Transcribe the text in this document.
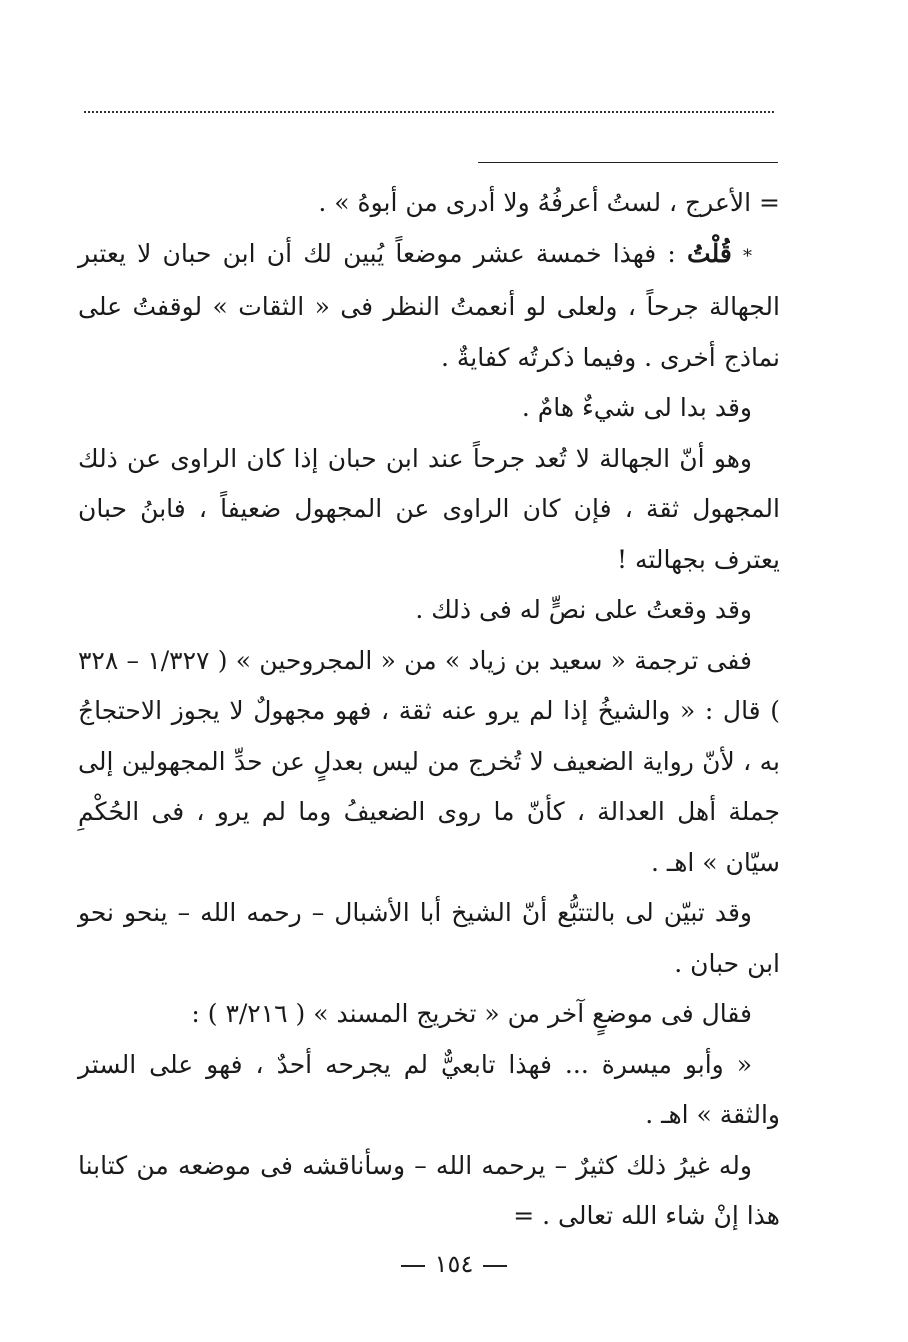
= الأعرج ، لستُ أعرفُهُ ولا أدرى من أبوهُ » .

* قُلْتُ : فهذا خمسة عشر موضعاً يُبين لك أن ابن حبان لا يعتبر الجهالة جرحاً ، ولعلى لو أنعمتُ النظر فى « الثقات » لوقفتُ على نماذج أخرى . وفيما ذكرتُه كفايةٌ .

وقد بدا لى شيءٌ هامٌ .

وهو أنّ الجهالة لا تُعد جرحاً عند ابن حبان إذا كان الراوى عن ذلك المجهول ثقة ، فإن كان الراوى عن المجهول ضعيفاً ، فابنُ حبان يعترف بجهالته !

وقد وقعتُ على نصٍّ له فى ذلك .

ففى ترجمة « سعيد بن زياد » من « المجروحين » ( ١/٣٢٧ – ٣٢٨ ) قال : « والشيخُ إذا لم يرو عنه ثقة ، فهو مجهولٌ لا يجوز الاحتجاجُ به ، لأنّ رواية الضعيف لا تُخرج من ليس بعدلٍ عن حدِّ المجهولين إلى جملة أهل العدالة ، كأنّ ما روى الضعيفُ وما لم يرو ، فى الحُكْمِ سيّان » اهـ .

وقد تبيّن لى بالتتبُّع أنّ الشيخ أبا الأشبال – رحمه الله – ينحو نحو ابن حبان .

فقال فى موضعٍ آخر من « تخريج المسند » ( ٣/٢١٦ ) :

« وأبو ميسرة ... فهذا تابعيٌّ لم يجرحه أحدٌ ، فهو على الستر والثقة » اهـ .

وله غيرُ ذلك كثيرٌ – يرحمه الله – وسأناقشه فى موضعه من كتابنا هذا إنْ شاء الله تعالى . =

١٥٤
